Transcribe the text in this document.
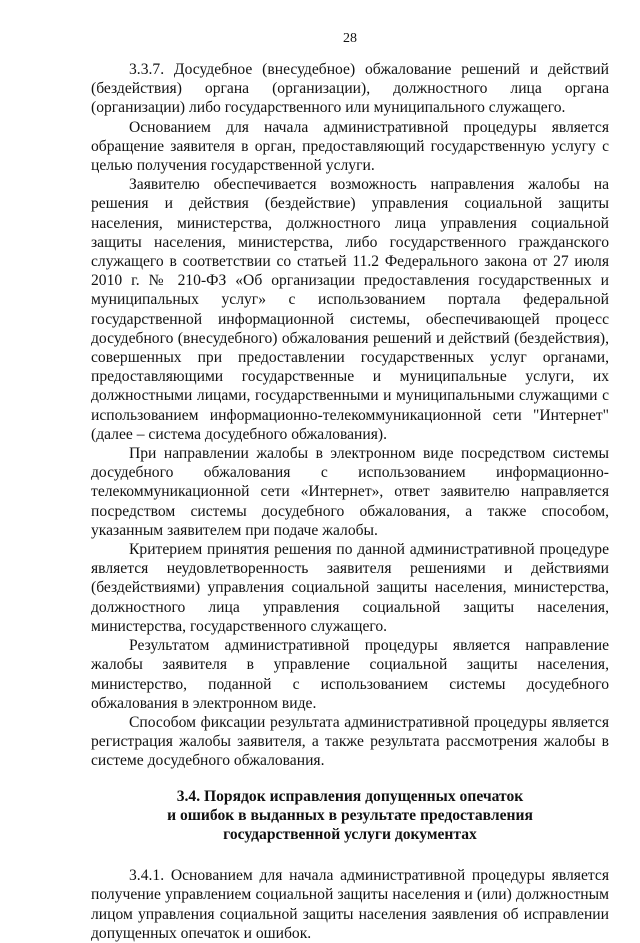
28

3.3.7. Досудебное (внесудебное) обжалование решений и действий (бездействия) органа (организации), должностного лица органа (организации) либо государственного или муниципального служащего.

Основанием для начала административной процедуры является обращение заявителя в орган, предоставляющий государственную услугу с целью получения государственной услуги.

Заявителю обеспечивается возможность направления жалобы на решения и действия (бездействие) управления социальной защиты населения, министерства, должностного лица управления социальной защиты населения, министерства, либо государственного гражданского служащего в соответствии со статьей 11.2 Федерального закона от 27 июля 2010 г. № 210-ФЗ «Об организации предоставления государственных и муниципальных услуг» с использованием портала федеральной государственной информационной системы, обеспечивающей процесс досудебного (внесудебного) обжалования решений и действий (бездействия), совершенных при предоставлении государственных услуг органами, предоставляющими государственные и муниципальные услуги, их должностными лицами, государственными и муниципальными служащими с использованием информационно-телекоммуникационной сети "Интернет" (далее – система досудебного обжалования).

При направлении жалобы в электронном виде посредством системы досудебного обжалования с использованием информационно-телекоммуникационной сети «Интернет», ответ заявителю направляется посредством системы досудебного обжалования, а также способом, указанным заявителем при подаче жалобы.

Критерием принятия решения по данной административной процедуре является неудовлетворенность заявителя решениями и действиями (бездействиями) управления социальной защиты населения, министерства, должностного лица управления социальной защиты населения, министерства, государственного служащего.

Результатом административной процедуры является направление жалобы заявителя в управление социальной защиты населения, министерство, поданной с использованием системы досудебного обжалования в электронном виде.

Способом фиксации результата административной процедуры является регистрация жалобы заявителя, а также результата рассмотрения жалобы в системе досудебного обжалования.

3.4. Порядок исправления допущенных опечаток
и ошибок в выданных в результате предоставления
государственной услуги документах

3.4.1. Основанием для начала административной процедуры является получение управлением социальной защиты населения и (или) должностным лицом управления социальной защиты населения заявления об исправлении допущенных опечаток и ошибок.
